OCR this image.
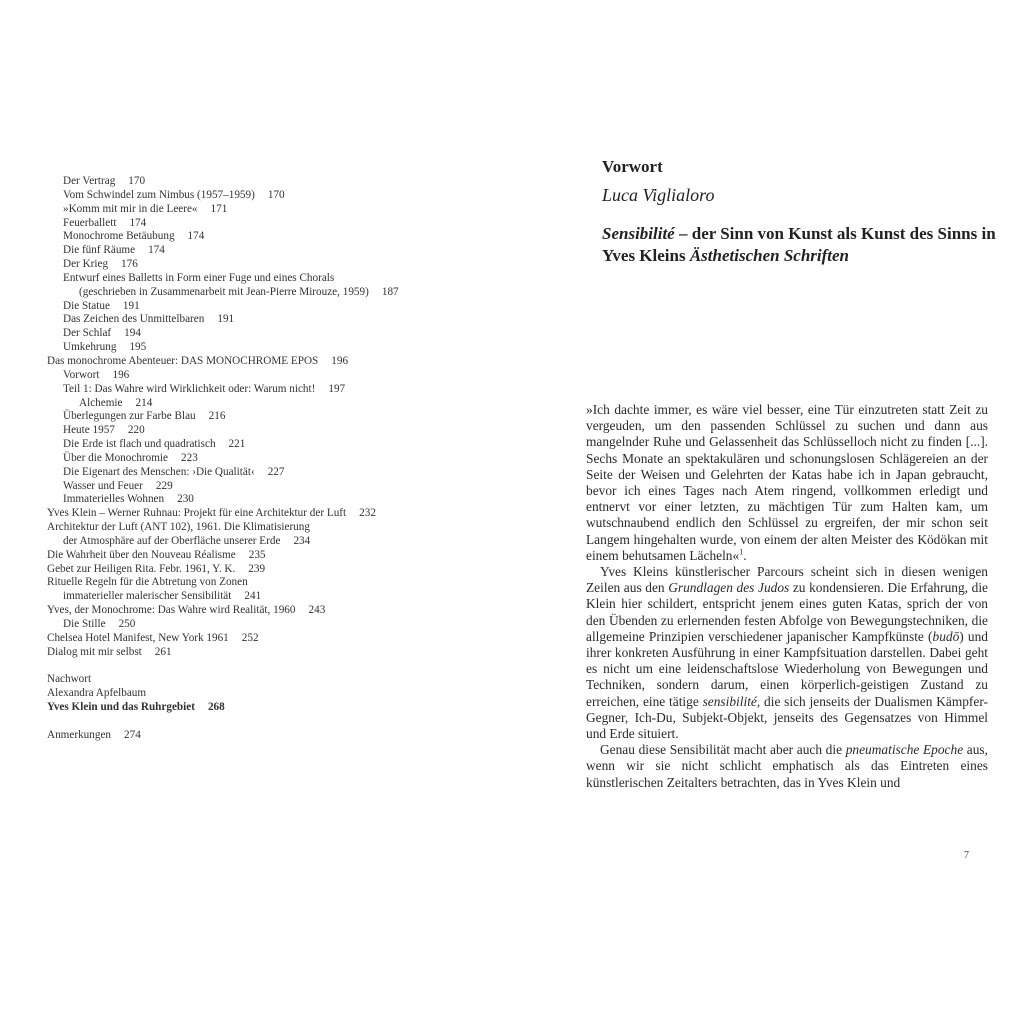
Der Vertrag 170
Vom Schwindel zum Nimbus (1957–1959) 170
»Komm mit mir in die Leere« 171
Feuerballett 174
Monochrome Betäubung 174
Die fünf Räume 174
Der Krieg 176
Entwurf eines Balletts in Form einer Fuge und eines Chorals
(geschrieben in Zusammenarbeit mit Jean-Pierre Mirouze, 1959) 187
Die Statue 191
Das Zeichen des Unmittelbaren 191
Der Schlaf 194
Umkehrung 195
Das monochrome Abenteuer: DAS MONOCHROME EPOS 196
Vorwort 196
Teil 1: Das Wahre wird Wirklichkeit oder: Warum nicht! 197
Alchemie 214
Überlegungen zur Farbe Blau 216
Heute 1957 220
Die Erde ist flach und quadratisch 221
Über die Monochromie 223
Die Eigenart des Menschen: ›Die Qualität‹ 227
Wasser und Feuer 229
Immaterielles Wohnen 230
Yves Klein – Werner Ruhnau: Projekt für eine Architektur der Luft 232
Architektur der Luft (ANT 102), 1961. Die Klimatisierung
der Atmosphäre auf der Oberfläche unserer Erde 234
Die Wahrheit über den Nouveau Réalisme 235
Gebet zur Heiligen Rita. Febr. 1961, Y. K. 239
Rituelle Regeln für die Abtretung von Zonen
immaterieller malerischer Sensibilität 241
Yves, der Monochrome: Das Wahre wird Realität, 1960 243
Die Stille 250
Chelsea Hotel Manifest, New York 1961 252
Dialog mit mir selbst 261
Nachwort
Alexandra Apfelbaum
Yves Klein und das Ruhrgebiet 268
Anmerkungen 274
Vorwort
Luca Viglialoro
Sensibilité – der Sinn von Kunst als Kunst des Sinns in Yves Kleins Ästhetischen Schriften

»Ich dachte immer, es wäre viel besser, eine Tür einzutreten statt Zeit zu vergeuden, um den passenden Schlüssel zu suchen und dann aus mangelnder Ruhe und Gelassenheit das Schlüsselloch nicht zu finden [...]. Sechs Monate an spektakulären und schonungslosen Schlägereien an der Seite der Weisen und Gelehrten der Katas habe ich in Japan gebraucht, bevor ich eines Tages nach Atem ringend, vollkommen erledigt und entnervt vor einer letzten, zu mächtigen Tür zum Halten kam, um wutschnaubend endlich den Schlüssel zu ergreifen, der mir schon seit Langem hingehalten wurde, von einem der alten Meister des Ködökan mit einem behutsamen Lächeln«$^1$.

Yves Kleins künstlerischer Parcours scheint sich in diesen wenigen Zeilen aus den Grundlagen des Judos zu kondensieren. Die Erfahrung, die Klein hier schildert, entspricht jenem eines guten Katas, sprich der von den Übenden zu erlernenden festen Abfolge von Bewegungstechniken, die allgemeine Prinzipien verschiedener japanischer Kampfkünste (budō) und ihrer konkreten Ausführung in einer Kampfsituation darstellen. Dabei geht es nicht um eine leidenschaftslose Wiederholung von Bewegungen und Techniken, sondern darum, einen körperlich-geistigen Zustand zu erreichen, eine tätige sensibilité, die sich jenseits der Dualismen Kämpfer-Gegner, Ich-Du, Subjekt-Objekt, jenseits des Gegensatzes von Himmel und Erde situiert.

Genau diese Sensibilität macht aber auch die pneumatische Epoche aus, wenn wir sie nicht schlicht emphatisch als das Eintreten eines künstlerischen Zeitalters betrachten, das in Yves Klein und

7
